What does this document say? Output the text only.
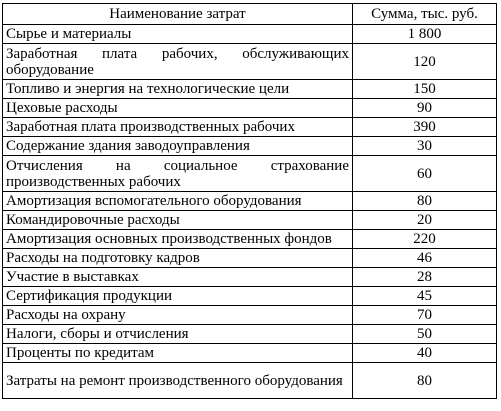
Наименование затрат	Сумма, тыс. руб.
Сырье и материалы	1 800
Заработная плата рабочих, обслуживающих оборудование	120
Топливо и энергия на технологические цели	150
Цеховые расходы	90
Заработная плата производственных рабочих	390
Содержание здания заводоуправления	30
Отчисления на социальное страхование производственных рабочих	60
Амортизация вспомогательного оборудования	80
Командировочные расходы	20
Амортизация основных производственных фондов	220
Расходы на подготовку кадров	46
Участие в выставках	28
Сертификация продукции	45
Расходы на охрану	70
Налоги, сборы и отчисления	50
Проценты по кредитам	40
Затраты на ремонт производственного оборудования	80
